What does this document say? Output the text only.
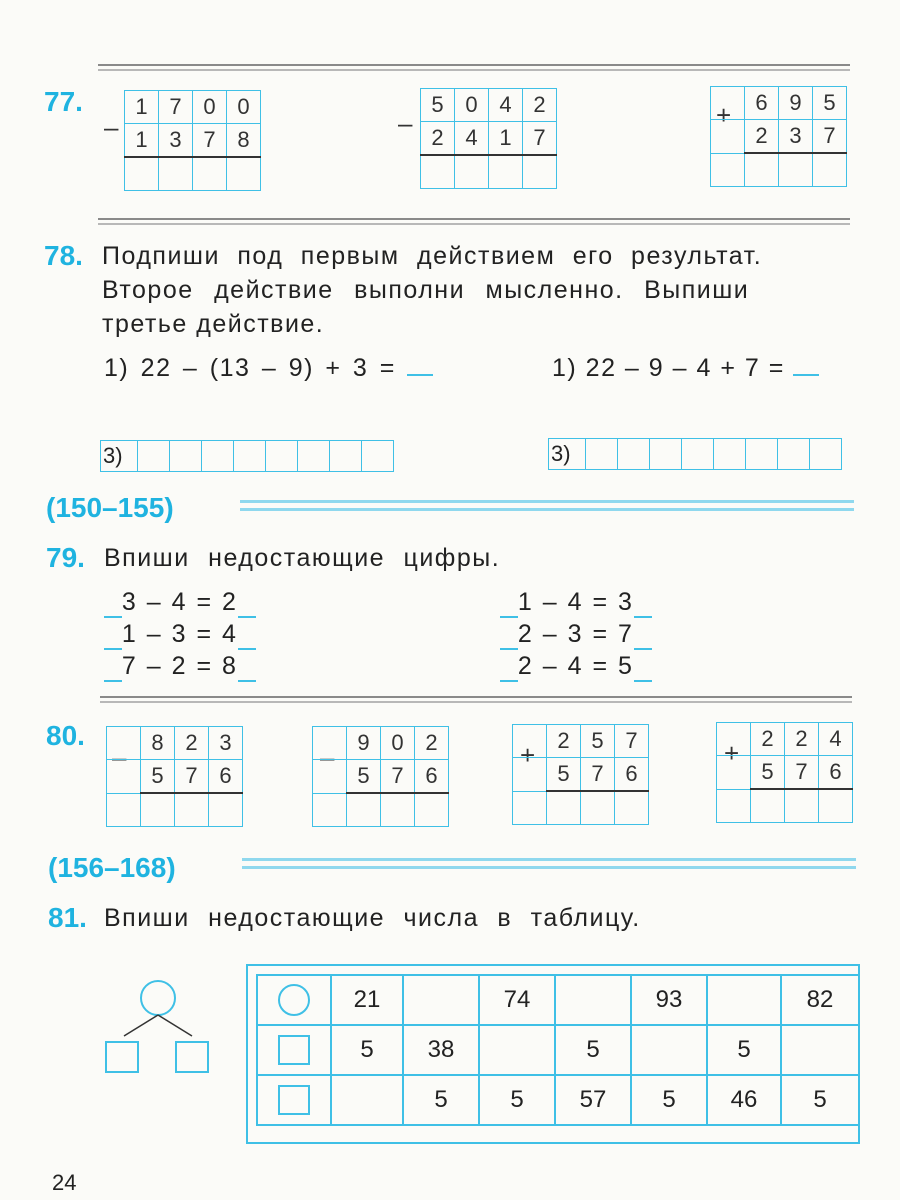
77.
–
1	7	0	0
1	3	7	8

–
5	0	4	2
2	4	1	7

+
	6	9	5
	2	3	7

78. Подпиши под первым действием его результат.
Второе действие выполни мысленно. Выпиши
третье действие.
1) 22 – (13 – 9) + 3 =	1) 22 – 9 – 4 + 7 =
3)	3)
(150–155)
79. Впиши недостающие цифры.
3 – 4 = 2
1 – 3 = 4
7 – 2 = 8
1 – 4 = 3
2 – 3 = 7
2 – 4 = 5
80.
–
	8	2	3
	5	7	6

–
	9	0	2
	5	7	6

+
	2	5	7
	5	7	6

+
	2	2	4
	5	7	6

(156–168)
81. Впиши недостающие числа в таблицу.
	21		74		93		82
	5	38		5		5	
		5	5	57	5	46	5
24
